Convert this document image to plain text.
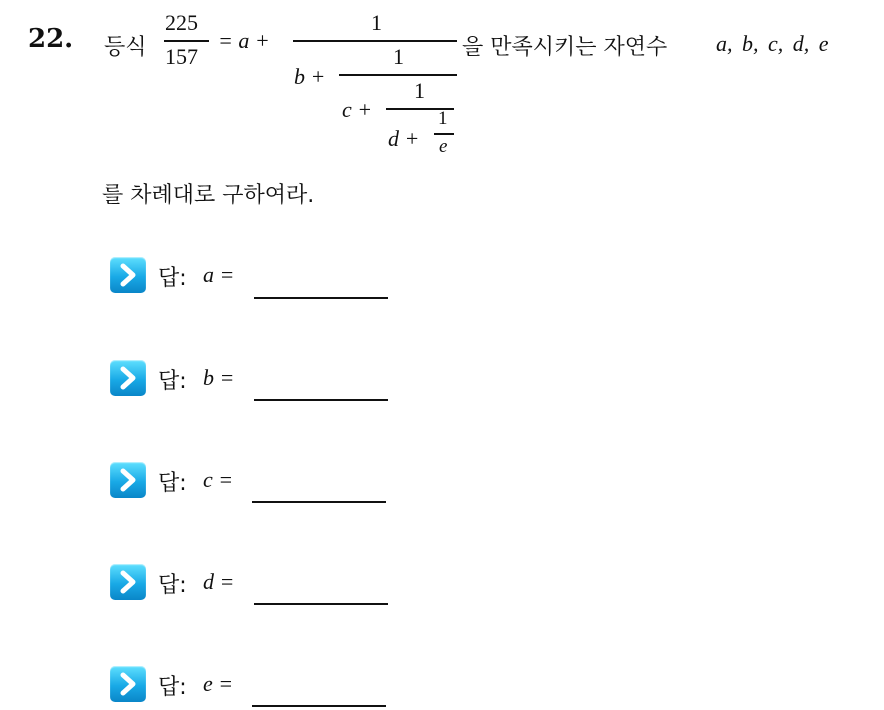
22. 등식
225
157
= a +
1
b +
1
c +
1
d +
1
e
을 만족시키는 자연수 a, b, c, d, e
를 차례대로 구하여라.
답: a =
답: b =
답: c =
답: d =
답: e =
